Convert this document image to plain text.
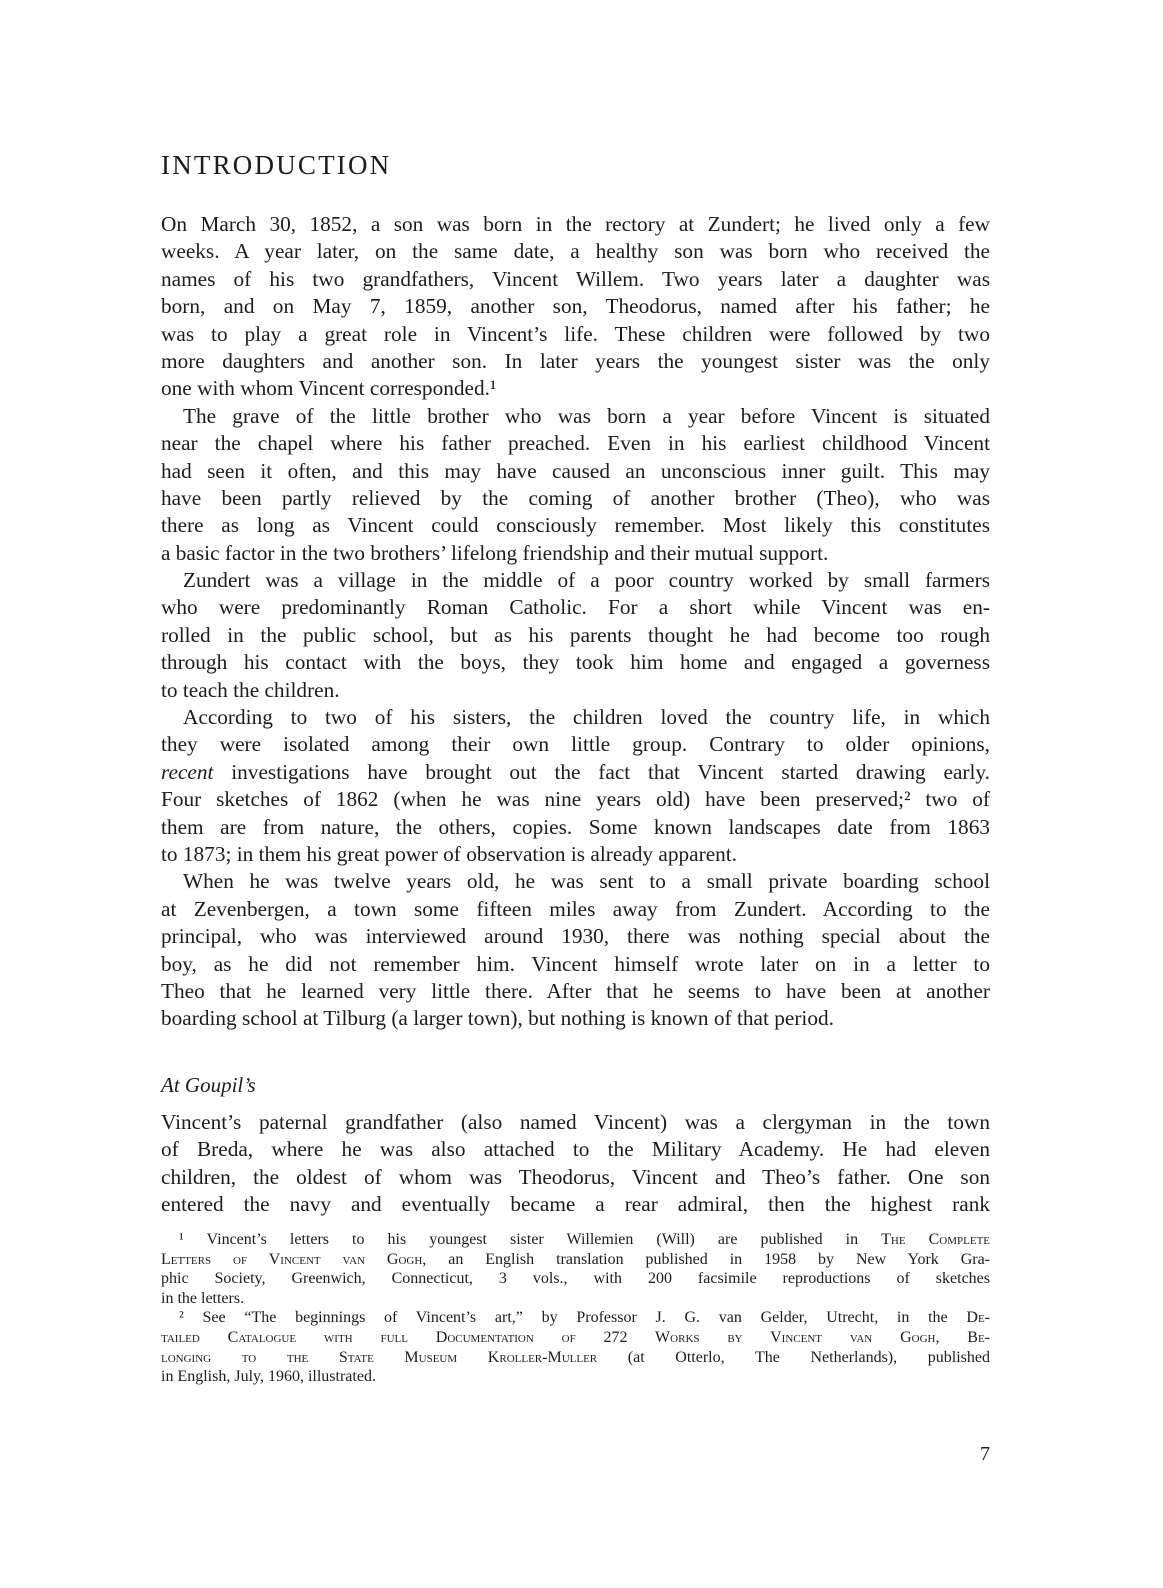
INTRODUCTION
On March 30, 1852, a son was born in the rectory at Zundert; he lived only a few
weeks. A year later, on the same date, a healthy son was born who received the
names of his two grandfathers, Vincent Willem. Two years later a daughter was
born, and on May 7, 1859, another son, Theodorus, named after his father; he
was to play a great role in Vincent’s life. These children were followed by two
more daughters and another son. In later years the youngest sister was the only
one with whom Vincent corresponded.¹
The grave of the little brother who was born a year before Vincent is situated
near the chapel where his father preached. Even in his earliest childhood Vincent
had seen it often, and this may have caused an unconscious inner guilt. This may
have been partly relieved by the coming of another brother (Theo), who was
there as long as Vincent could consciously remember. Most likely this constitutes
a basic factor in the two brothers’ lifelong friendship and their mutual support.
Zundert was a village in the middle of a poor country worked by small farmers
who were predominantly Roman Catholic. For a short while Vincent was en-
rolled in the public school, but as his parents thought he had become too rough
through his contact with the boys, they took him home and engaged a governess
to teach the children.
According to two of his sisters, the children loved the country life, in which
they were isolated among their own little group. Contrary to older opinions,
recent investigations have brought out the fact that Vincent started drawing early.
Four sketches of 1862 (when he was nine years old) have been preserved;² two of
them are from nature, the others, copies. Some known landscapes date from 1863
to 1873; in them his great power of observation is already apparent.
When he was twelve years old, he was sent to a small private boarding school
at Zevenbergen, a town some fifteen miles away from Zundert. According to the
principal, who was interviewed around 1930, there was nothing special about the
boy, as he did not remember him. Vincent himself wrote later on in a letter to
Theo that he learned very little there. After that he seems to have been at another
boarding school at Tilburg (a larger town), but nothing is known of that period.
At Goupil’s
Vincent’s paternal grandfather (also named Vincent) was a clergyman in the town
of Breda, where he was also attached to the Military Academy. He had eleven
children, the oldest of whom was Theodorus, Vincent and Theo’s father. One son
entered the navy and eventually became a rear admiral, then the highest rank
¹ Vincent’s letters to his youngest sister Willemien (Will) are published in The Complete
Letters of Vincent van Gogh, an English translation published in 1958 by New York Gra-
phic Society, Greenwich, Connecticut, 3 vols., with 200 facsimile reproductions of sketches
in the letters.
² See “The beginnings of Vincent’s art,” by Professor J. G. van Gelder, Utrecht, in the De-
tailed Catalogue with full Documentation of 272 Works by Vincent van Gogh, Be-
longing to the State Museum Kroller-Muller (at Otterlo, The Netherlands), published
in English, July, 1960, illustrated.
7
